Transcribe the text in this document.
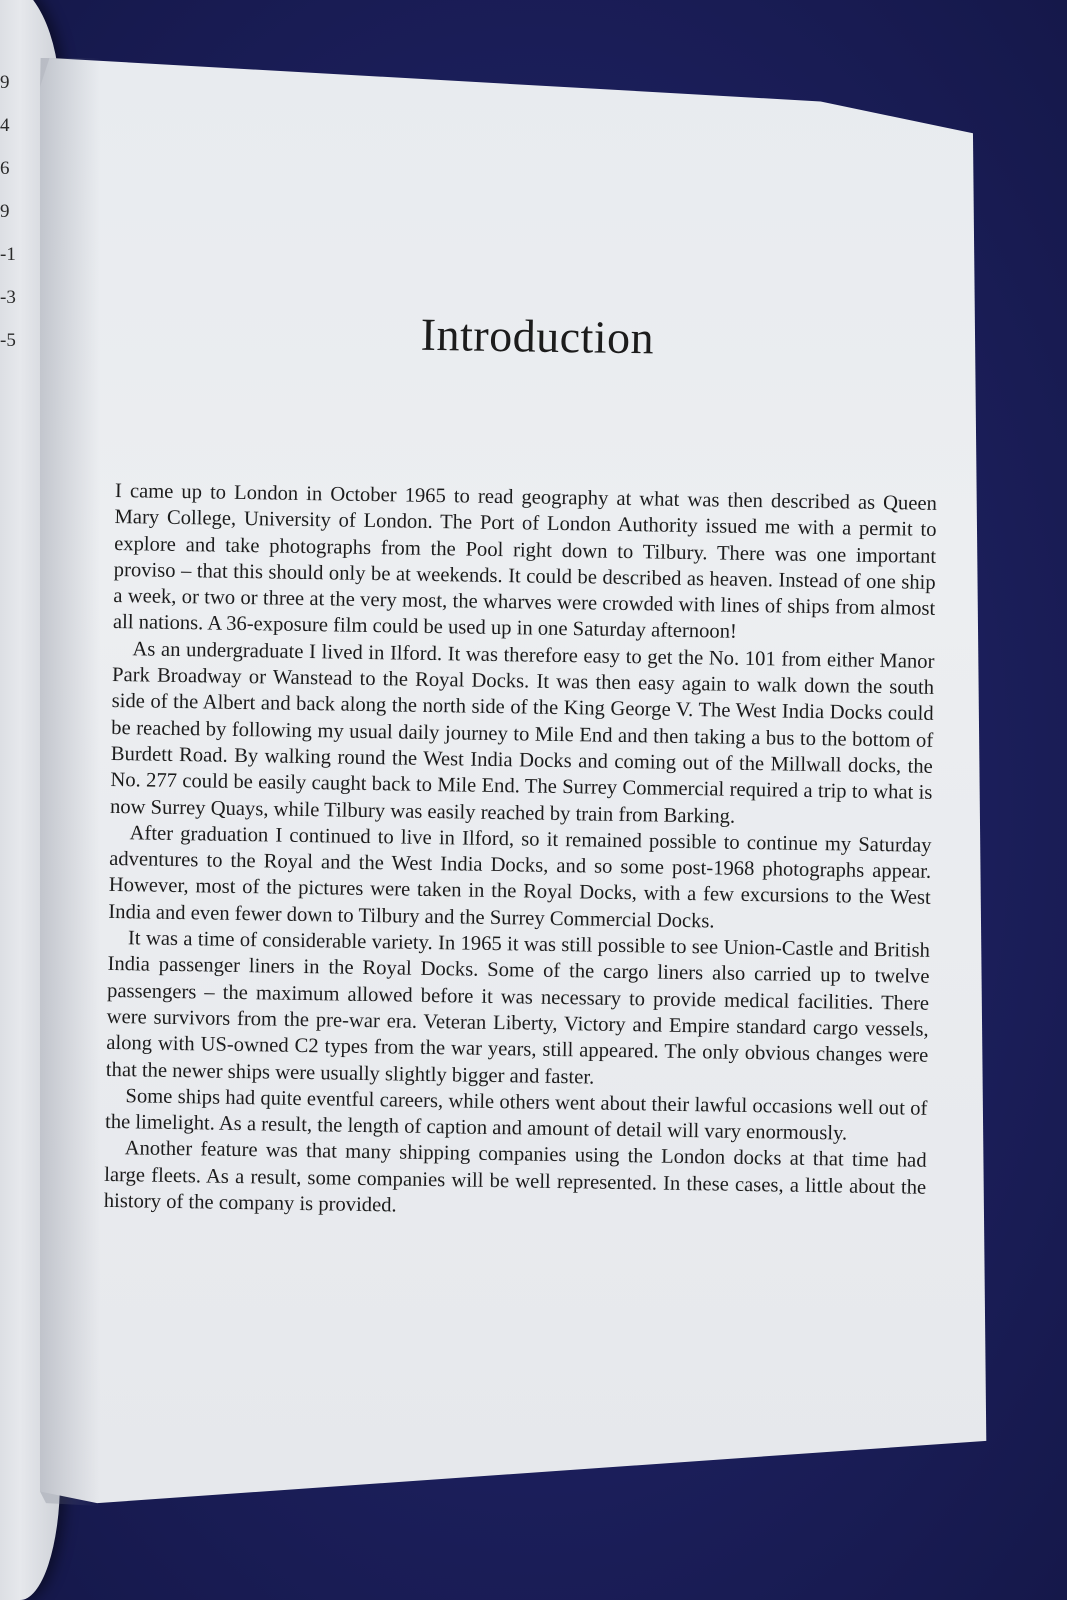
9
4
6
9
-1
-3
-5	Introduction

I came up to London in October 1965 to read geography at what was then described as Queen Mary College, University of London. The Port of London Authority issued me with a permit to explore and take photographs from the Pool right down to Tilbury. There was one important proviso – that this should only be at weekends. It could be described as heaven. Instead of one ship a week, or two or three at the very most, the wharves were crowded with lines of ships from almost all nations. A 36-exposure film could be used up in one Saturday afternoon!

As an undergraduate I lived in Ilford. It was therefore easy to get the No. 101 from either Manor Park Broadway or Wanstead to the Royal Docks. It was then easy again to walk down the south side of the Albert and back along the north side of the King George V. The West India Docks could be reached by following my usual daily journey to Mile End and then taking a bus to the bottom of Burdett Road. By walking round the West India Docks and coming out of the Millwall docks, the No. 277 could be easily caught back to Mile End. The Surrey Commercial required a trip to what is now Surrey Quays, while Tilbury was easily reached by train from Barking.

After graduation I continued to live in Ilford, so it remained possible to continue my Saturday adventures to the Royal and the West India Docks, and so some post-1968 photographs appear. However, most of the pictures were taken in the Royal Docks, with a few excursions to the West India and even fewer down to Tilbury and the Surrey Commercial Docks.

It was a time of considerable variety. In 1965 it was still possible to see Union-Castle and British India passenger liners in the Royal Docks. Some of the cargo liners also carried up to twelve passengers – the maximum allowed before it was necessary to provide medical facilities. There were survivors from the pre-war era. Veteran Liberty, Victory and Empire standard cargo vessels, along with US-owned C2 types from the war years, still appeared. The only obvious changes were that the newer ships were usually slightly bigger and faster.

Some ships had quite eventful careers, while others went about their lawful occasions well out of the limelight. As a result, the length of caption and amount of detail will vary enormously.

Another feature was that many shipping companies using the London docks at that time had large fleets. As a result, some companies will be well represented. In these cases, a little about the history of the company is provided.
